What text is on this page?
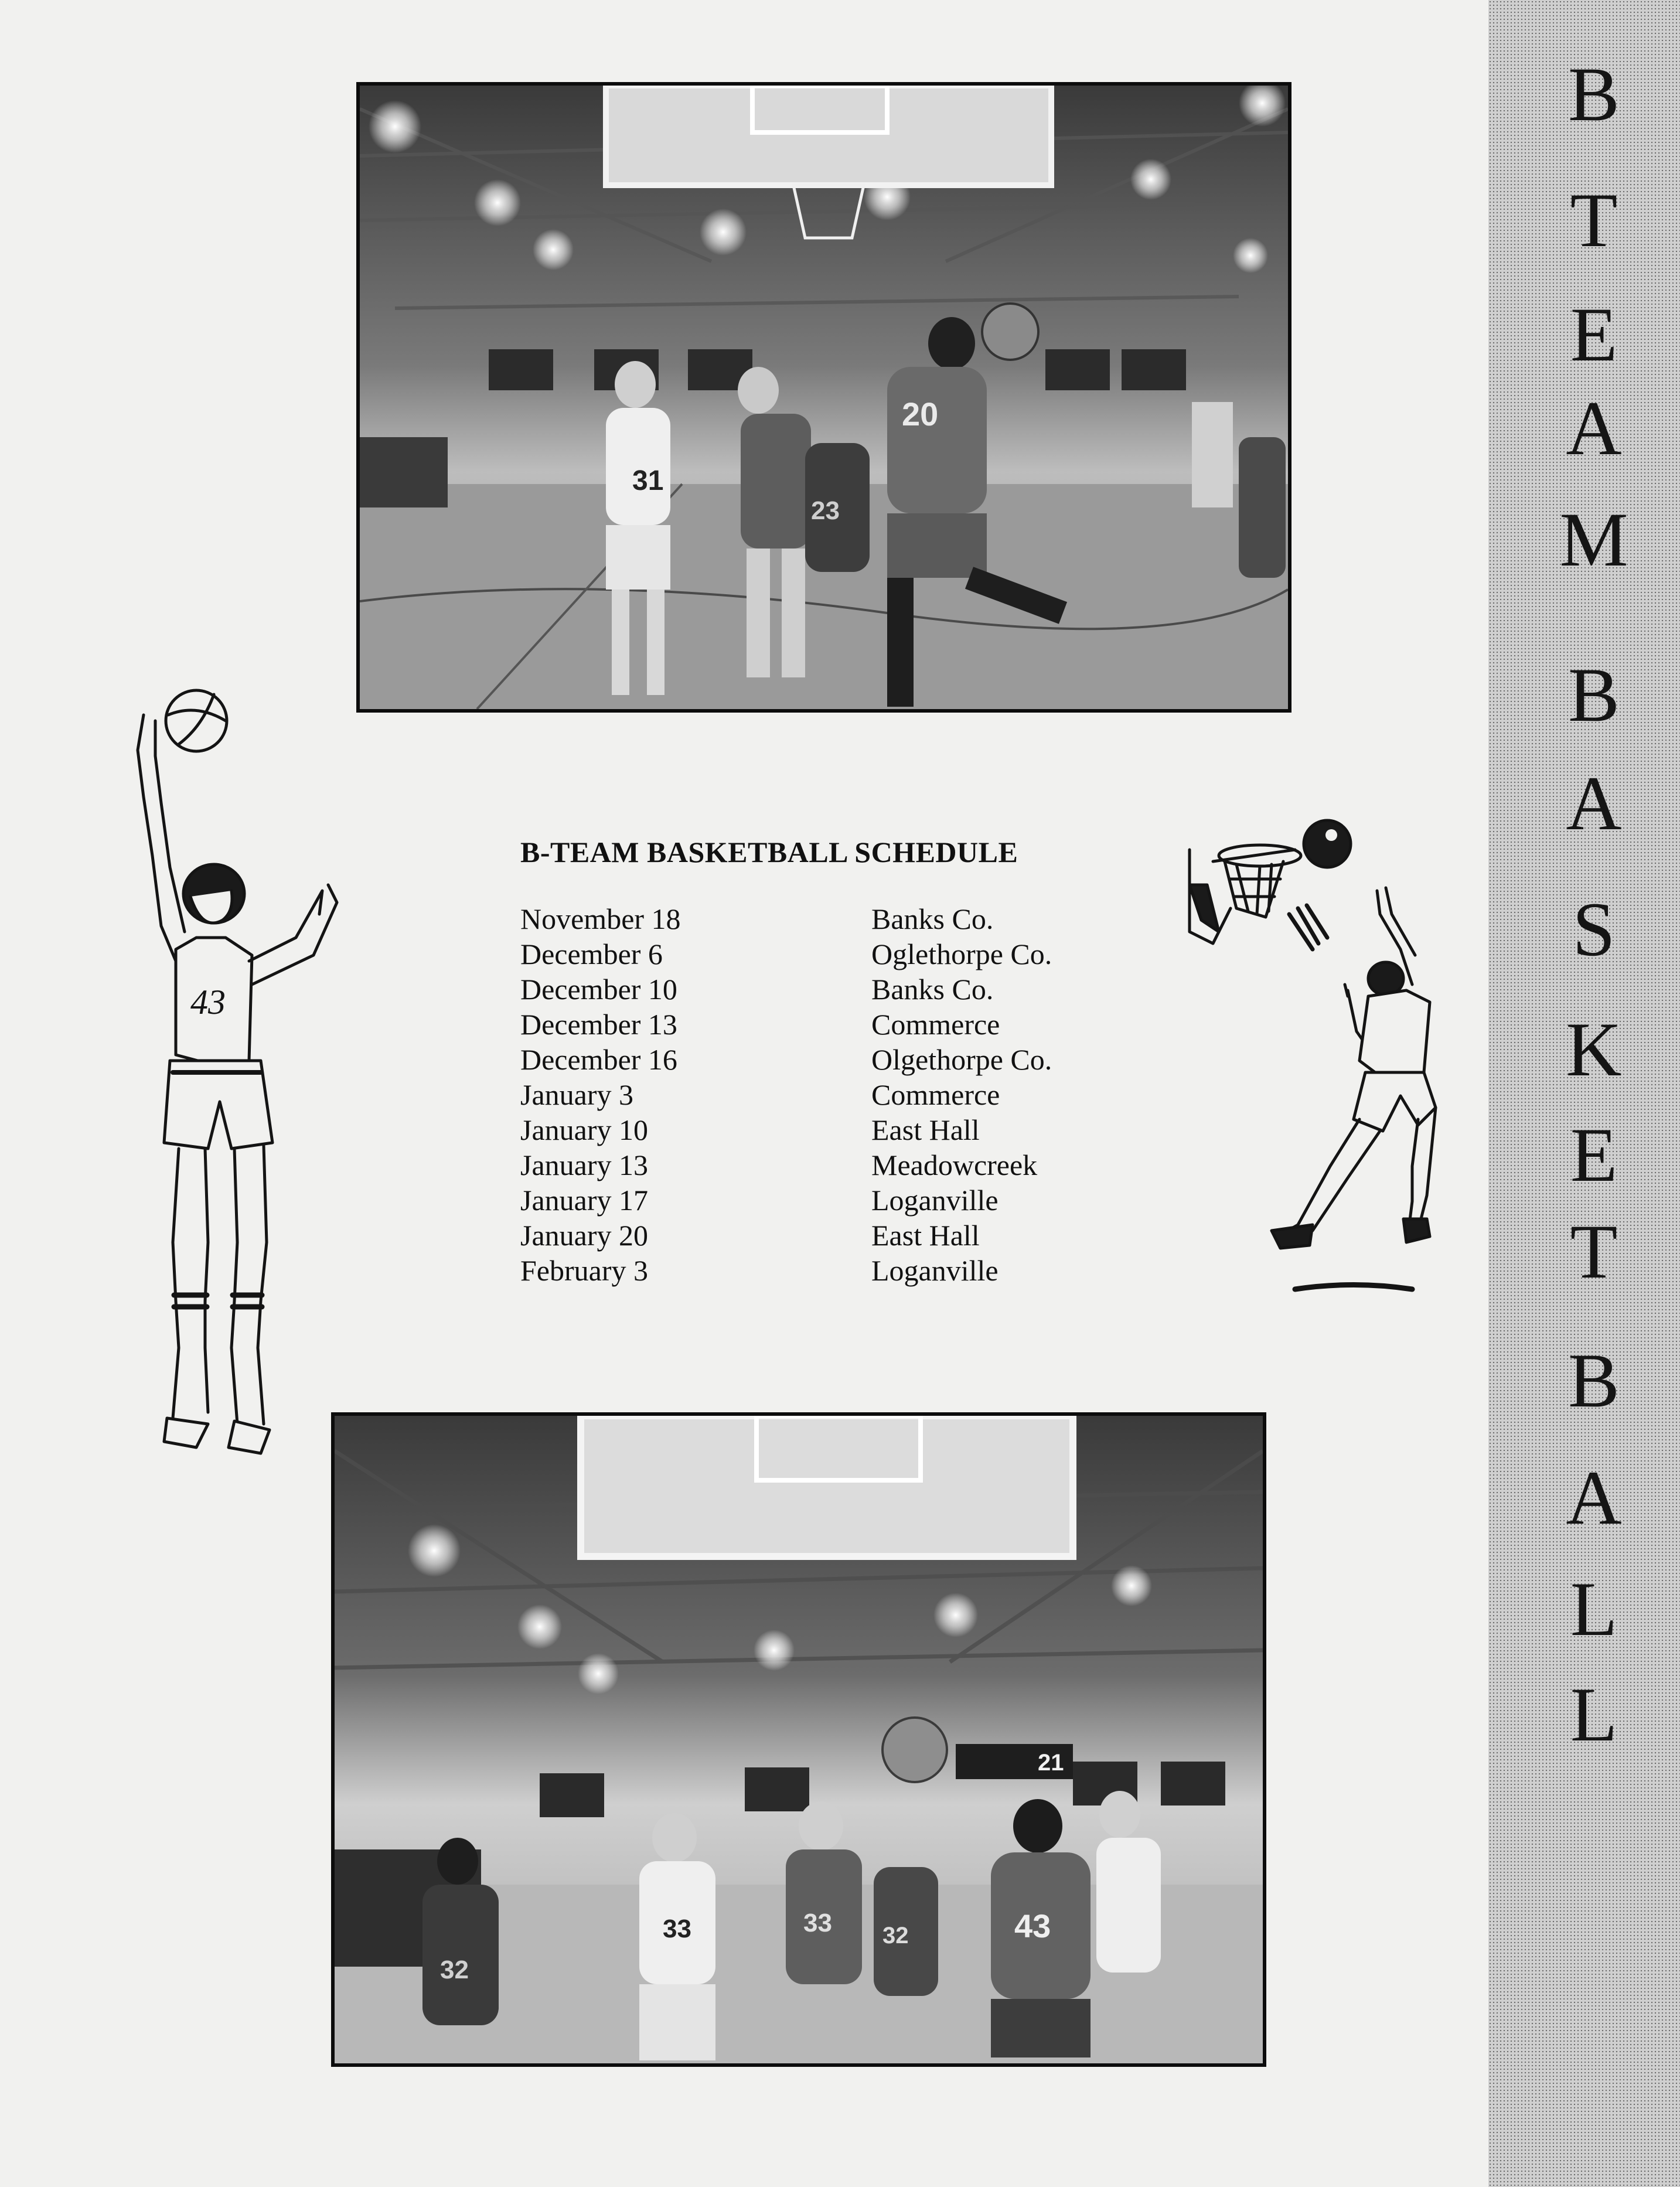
B
T
E
A
M
B
A
S
K
E
T
B
A
L
L
31
23
20
21
32
33	33 32	43
43
B-TEAM BASKETBALL SCHEDULE
November 18	Banks Co.
December 6	Oglethorpe Co.
December 10	Banks Co.
December 13	Commerce
December 16	Olgethorpe Co.
January 3	Commerce
January 10	East Hall
January 13	Meadowcreek
January 17	Loganville
January 20	East Hall
February 3	Loganville
